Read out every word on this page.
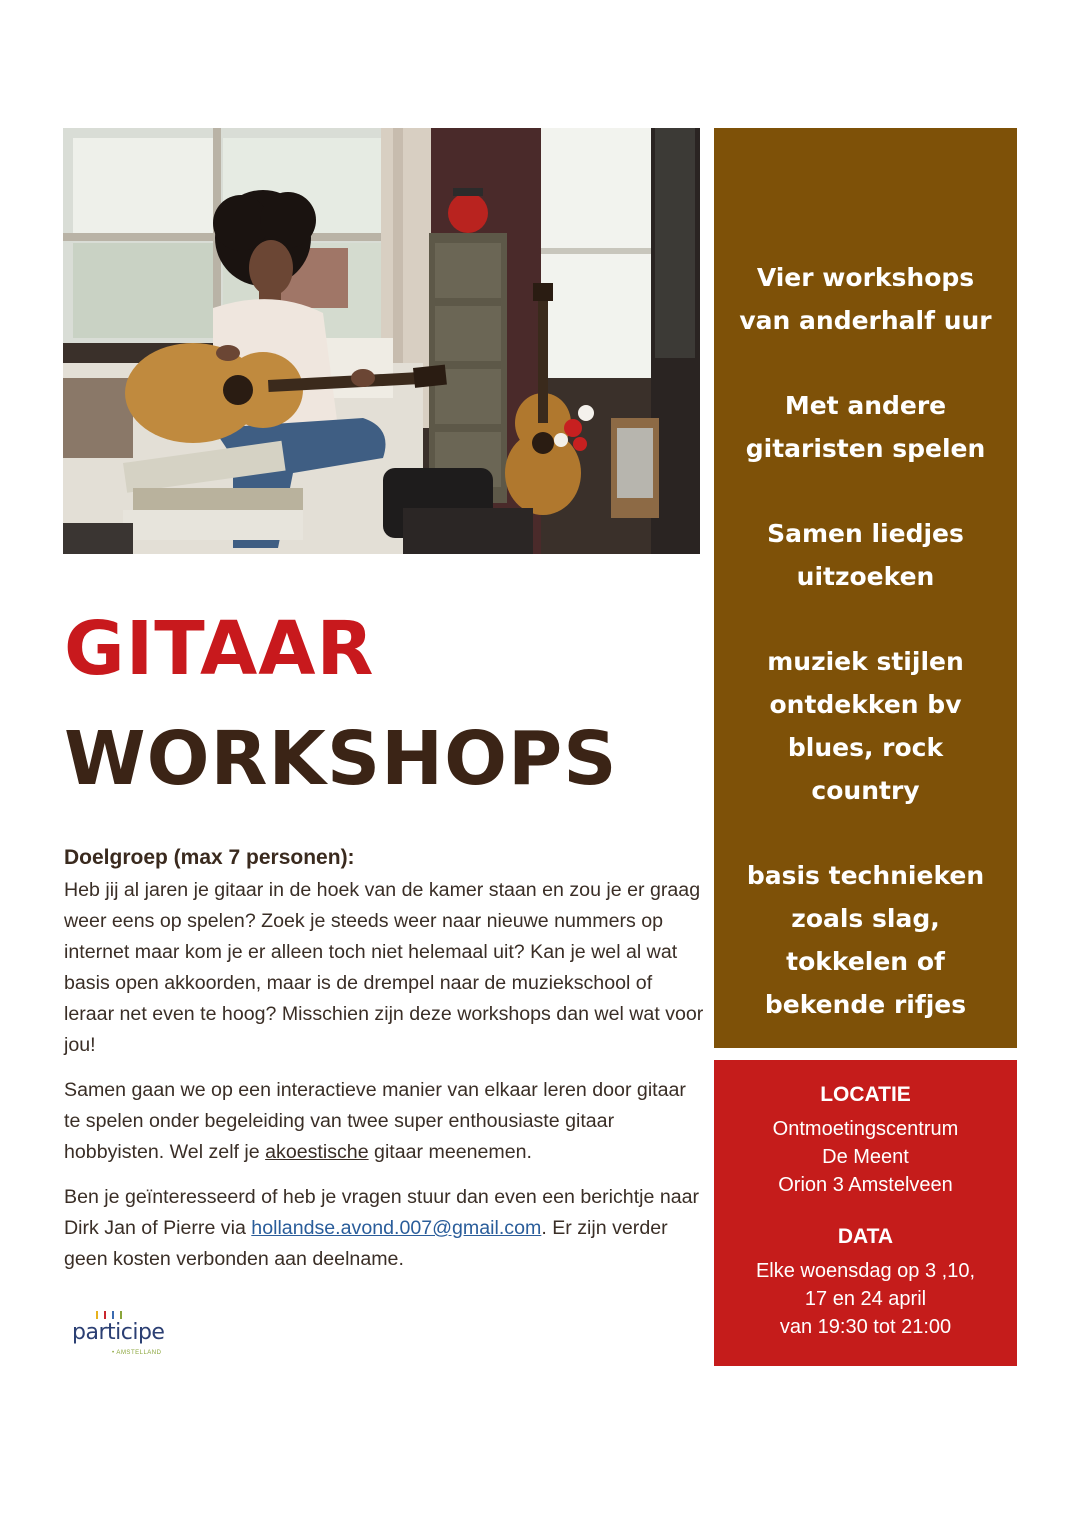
GITAAR
WORKSHOPS
Doelgroep (max 7 personen):

Heb jij al jaren je gitaar in de hoek van de kamer staan en zou je er graag weer eens op spelen? Zoek je steeds weer naar nieuwe nummers op internet maar kom je er alleen toch niet helemaal uit? Kan je wel al wat basis open akkoorden, maar is de drempel naar de muziekschool of leraar net even te hoog? Misschien zijn deze workshops dan wel wat voor jou!

Samen gaan we op een interactieve manier van elkaar leren door gitaar te spelen onder begeleiding van twee super enthousiaste gitaar hobbyisten. Wel zelf je akoestische gitaar meenemen.

Ben je geïnteresseerd of heb je vragen stuur dan even een berichtje naar Dirk Jan of Pierre via hollandse.avond.007@gmail.com. Er zijn verder geen kosten verbonden aan deelname.

participe
• AMSTELLAND
Vier workshops
van anderhalf uur
Met andere
gitaristen spelen
Samen liedjes
uitzoeken
muziek stijlen
ontdekken bv
blues, rock
country
basis technieken
zoals slag,
tokkelen of
bekende rifjes
LOCATIE
Ontmoetingscentrum
De Meent
Orion 3 Amstelveen
DATA
Elke woensdag op 3 ,10,
17 en 24 april
van 19:30 tot 21:00
